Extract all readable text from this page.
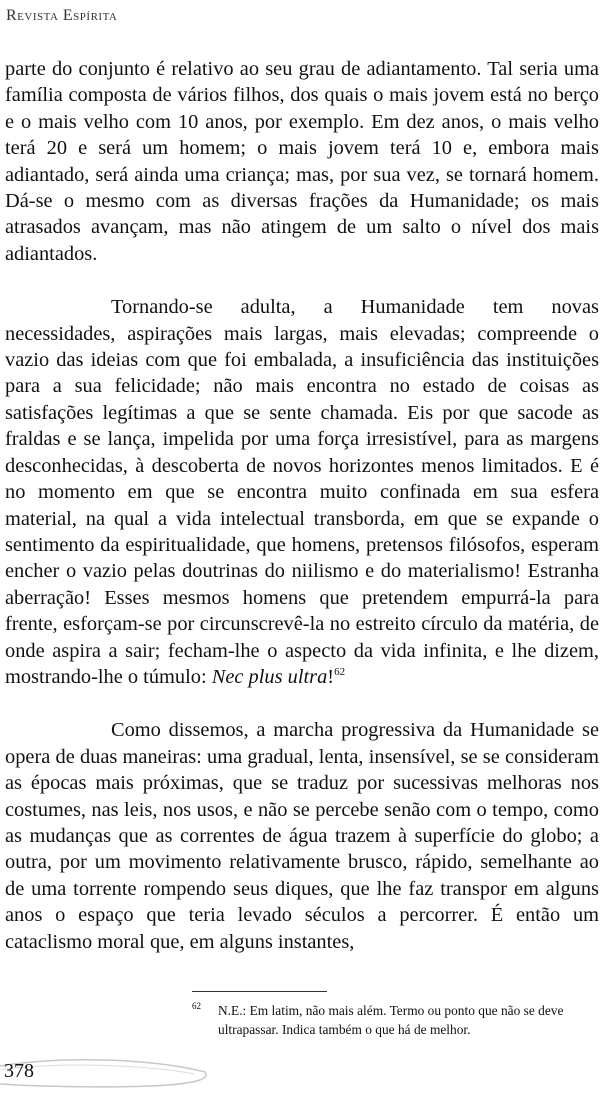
Revista Espírita

parte do conjunto é relativo ao seu grau de adiantamento. Tal seria uma família composta de vários filhos, dos quais o mais jovem está no berço e o mais velho com 10 anos, por exemplo. Em dez anos, o mais velho terá 20 e será um homem; o mais jovem terá 10 e, embora mais adiantado, será ainda uma criança; mas, por sua vez, se tornará homem. Dá-se o mesmo com as diversas frações da Humanidade; os mais atrasados avançam, mas não atingem de um salto o nível dos mais adiantados.

Tornando-se adulta, a Humanidade tem novas necessidades, aspirações mais largas, mais elevadas; compreende o vazio das ideias com que foi embalada, a insuficiência das instituições para a sua felicidade; não mais encontra no estado de coisas as satisfações legítimas a que se sente chamada. Eis por que sacode as fraldas e se lança, impelida por uma força irresistível, para as margens desconhecidas, à descoberta de novos horizontes menos limitados. E é no momento em que se encontra muito confinada em sua esfera material, na qual a vida intelectual transborda, em que se expande o sentimento da espiritualidade, que homens, pretensos filósofos, esperam encher o vazio pelas doutrinas do niilismo e do materialismo! Estranha aberração! Esses mesmos homens que pretendem empurrá-la para frente, esforçam-se por circunscrevê-la no estreito círculo da matéria, de onde aspira a sair; fecham-lhe o aspecto da vida infinita, e lhe dizem, mostrando-lhe o túmulo: Nec plus ultra!$^{62}$

Como dissemos, a marcha progressiva da Humanidade se opera de duas maneiras: uma gradual, lenta, insensível, se se consideram as épocas mais próximas, que se traduz por sucessivas melhoras nos costumes, nas leis, nos usos, e não se percebe senão com o tempo, como as mudanças que as correntes de água trazem à superfície do globo; a outra, por um movimento relativamente brusco, rápido, semelhante ao de uma torrente rompendo seus diques, que lhe faz transpor em alguns anos o espaço que teria levado séculos a percorrer. É então um cataclismo moral que, em alguns instantes,

62	N.E.: Em latim, não mais além. Termo ou ponto que não se deve ultrapassar. Indica também o que há de melhor.
378
